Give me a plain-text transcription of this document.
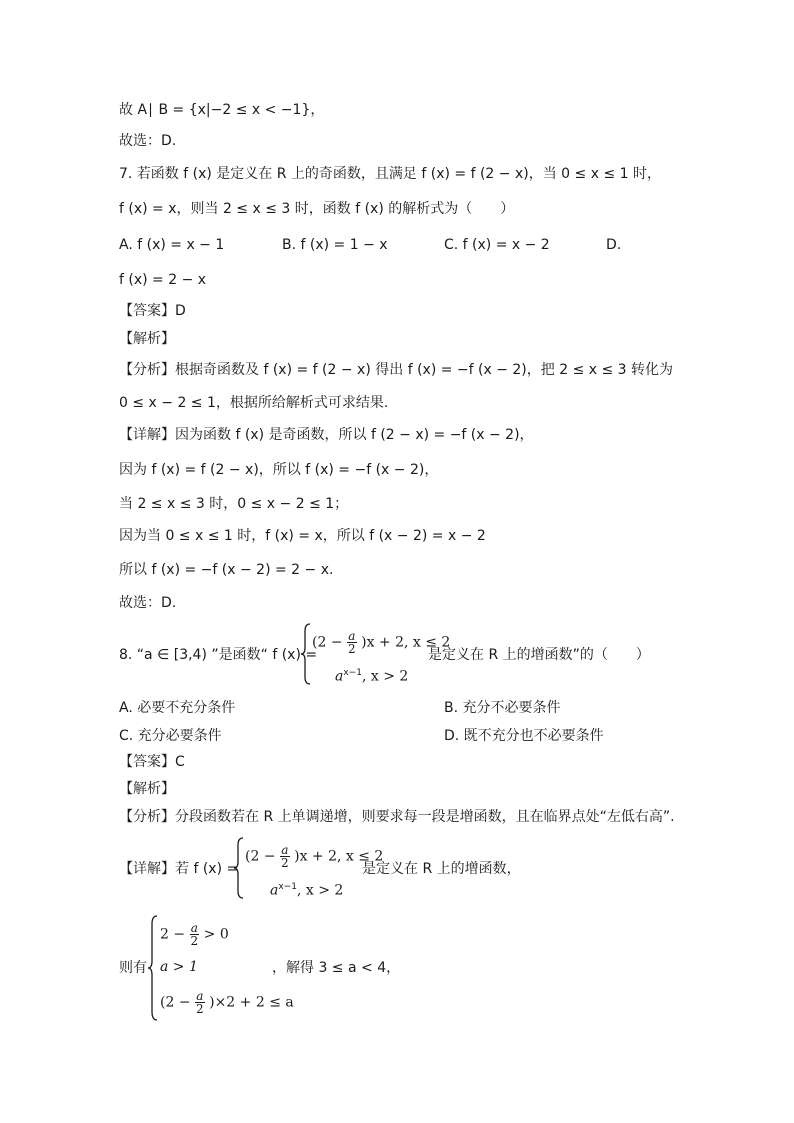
故 A∣ B = {x|−2 ≤ x < −1}，
故选：D.
7. 若函数 f (x) 是定义在 R 上的奇函数，且满足 f (x) = f (2 − x)，当 0 ≤ x ≤ 1 时，
f (x) = x，则当 2 ≤ x ≤ 3 时，函数 f (x) 的解析式为（　　）
A. f (x) = x − 1	B. f (x) = 1 − x	C. f (x) = x − 2	D.
f (x) = 2 − x
【答案】D
【解析】
【分析】根据奇函数及 f (x) = f (2 − x) 得出 f (x) = −f (x − 2)，把 2 ≤ x ≤ 3 转化为
0 ≤ x − 2 ≤ 1，根据所给解析式可求结果.
【详解】因为函数 f (x) 是奇函数，所以 f (2 − x) = −f (x − 2)，
因为 f (x) = f (2 − x)，所以 f (x) = −f (x − 2)，
当 2 ≤ x ≤ 3 时，0 ≤ x − 2 ≤ 1；
因为当 0 ≤ x ≤ 1 时，f (x) = x，所以 f (x − 2) = x − 2
所以 f (x) = −f (x − 2) = 2 − x.
故选：D.
8. “a ∈ [3,4) ”是函数“ f (x) =
$(2 - \frac{a}{2} )x + 2$, x ≤ 2
$a^{x-1}$, x > 2
是定义在 R 上的增函数”的（　　）
A. 必要不充分条件	B. 充分不必要条件
C. 充分必要条件	D. 既不充分也不必要条件
【答案】C
【解析】
【分析】分段函数若在 R 上单调递增，则要求每一段是增函数，且在临界点处“左低右高”.
【详解】若 f (x) =
$(2 - \frac{a}{2} )x + 2$, x ≤ 2
$a^{x-1}$, x > 2
是定义在 R 上的增函数，
则有
$2 - \frac{a}{2} > 0$
a > 1
$(2 - \frac{a}{2} )\times 2 + 2 \le a$
，解得 3 ≤ a < 4，
